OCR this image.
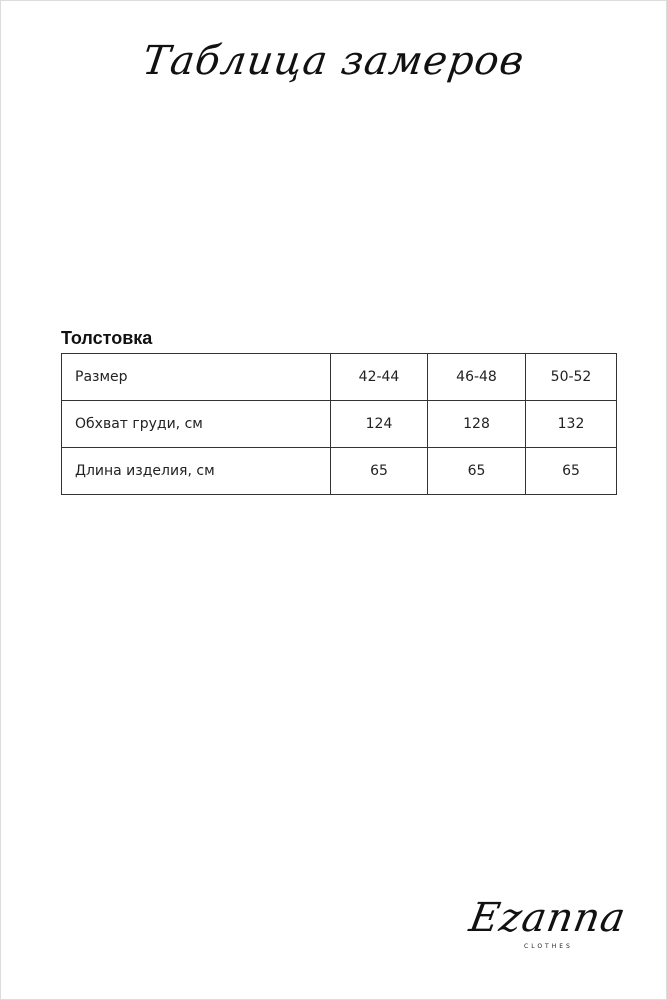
Таблица замеров
Толстовка
Размер	42-44	46-48	50-52
Обхват груди, см	124	128	132
Длина изделия, см	65	65	65
Ezanna
CLOTHES
